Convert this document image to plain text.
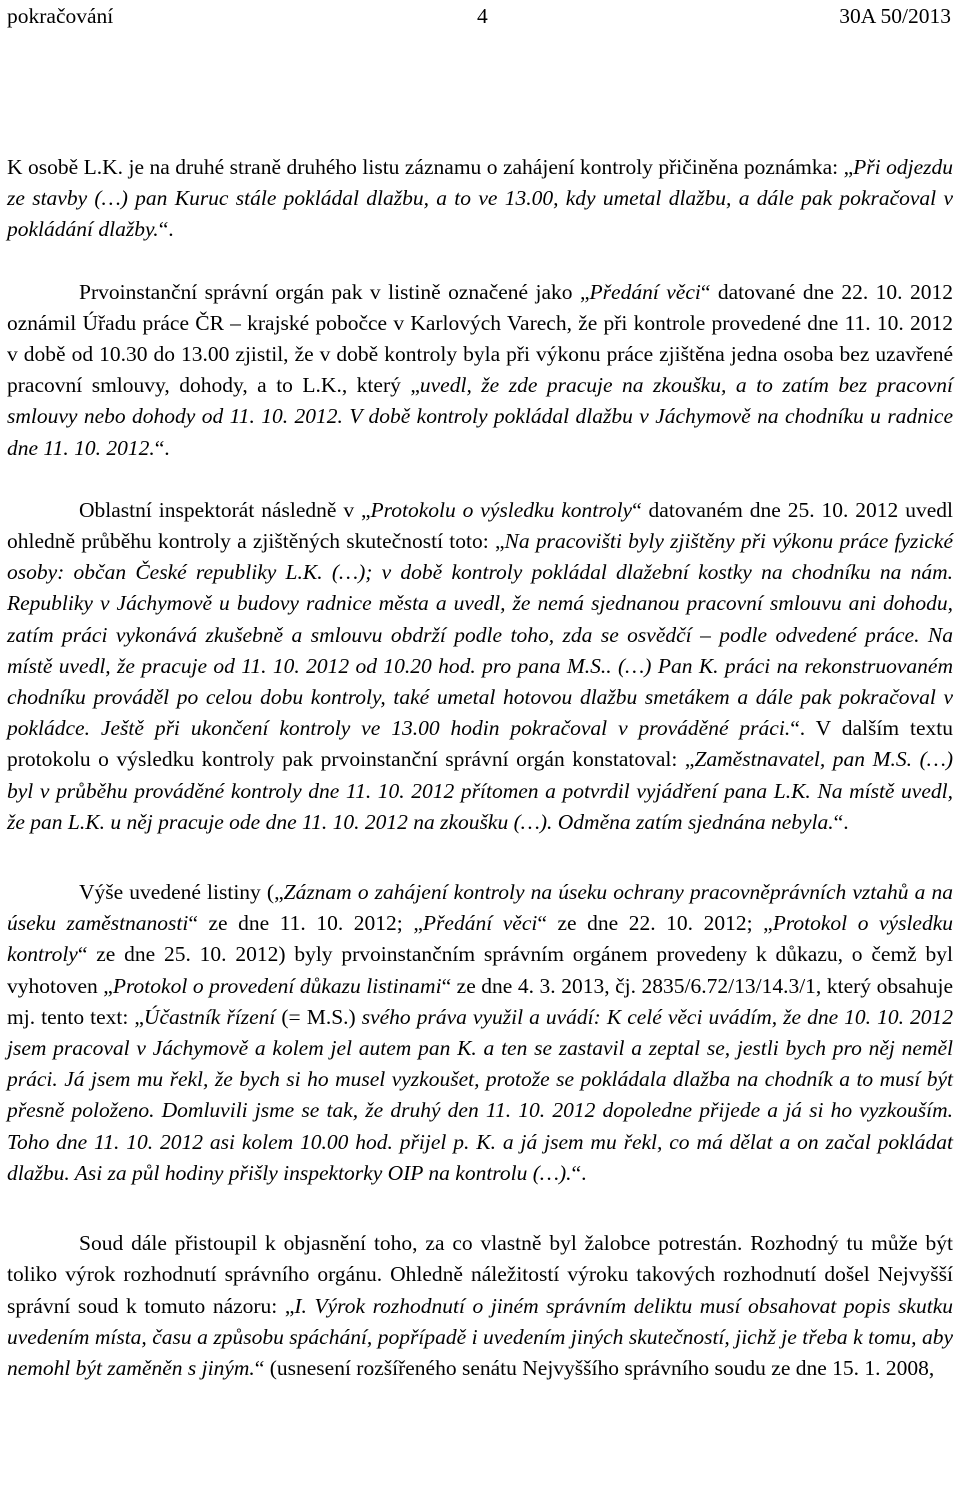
pokračování	4	30A 50/2013

K osobě L.K. je na druhé straně druhého listu záznamu o zahájení kontroly přičiněna poznámka: „Při odjezdu ze stavby (…) pan Kuruc stále pokládal dlažbu, a to ve 13.00, kdy umetal dlažbu, a dále pak pokračoval v pokládání dlažby.“.

Prvoinstanční správní orgán pak v listině označené jako „Předání věci“ datované dne 22. 10. 2012 oznámil Úřadu práce ČR – krajské pobočce v Karlových Varech, že při kontrole provedené dne 11. 10. 2012 v době od 10.30 do 13.00 zjistil, že v době kontroly byla při výkonu práce zjištěna jedna osoba bez uzavřené pracovní smlouvy, dohody, a to L.K., který „uvedl, že zde pracuje na zkoušku, a to zatím bez pracovní smlouvy nebo dohody od 11. 10. 2012. V době kontroly pokládal dlažbu v Jáchymově na chodníku u radnice dne 11. 10. 2012.“.

Oblastní inspektorát následně v „Protokolu o výsledku kontroly“ datovaném dne 25. 10. 2012 uvedl ohledně průběhu kontroly a zjištěných skutečností toto: „Na pracovišti byly zjištěny při výkonu práce fyzické osoby: občan České republiky L.K. (…); v době kontroly pokládal dlažební kostky na chodníku na nám. Republiky v Jáchymově u budovy radnice města a uvedl, že nemá sjednanou pracovní smlouvu ani dohodu, zatím práci vykonává zkušebně a smlouvu obdrží podle toho, zda se osvědčí – podle odvedené práce. Na místě uvedl, že pracuje od 11. 10. 2012 od 10.20 hod. pro pana M.S.. (…) Pan K. práci na rekonstruovaném chodníku prováděl po celou dobu kontroly, také umetal hotovou dlažbu smetákem a dále pak pokračoval v pokládce. Ještě při ukončení kontroly ve 13.00 hodin pokračoval v prováděné práci.“. V dalším textu protokolu o výsledku kontroly pak prvoinstanční správní orgán konstatoval: „Zaměstnavatel, pan M.S. (…) byl v průběhu prováděné kontroly dne 11. 10. 2012 přítomen a potvrdil vyjádření pana L.K. Na místě uvedl, že pan L.K. u něj pracuje ode dne 11. 10. 2012 na zkoušku (…). Odměna zatím sjednána nebyla.“.

Výše uvedené listiny („Záznam o zahájení kontroly na úseku ochrany pracovněprávních vztahů a na úseku zaměstnanosti“ ze dne 11. 10. 2012; „Předání věci“ ze dne 22. 10. 2012; „Protokol o výsledku kontroly“ ze dne 25. 10. 2012) byly prvoinstančním správním orgánem provedeny k důkazu, o čemž byl vyhotoven „Protokol o provedení důkazu listinami“ ze dne 4. 3. 2013, čj. 2835/6.72/13/14.3/1, který obsahuje mj. tento text: „Účastník řízení (= M.S.) svého práva využil a uvádí: K celé věci uvádím, že dne 10. 10. 2012 jsem pracoval v Jáchymově a kolem jel autem pan K. a ten se zastavil a zeptal se, jestli bych pro něj neměl práci. Já jsem mu řekl, že bych si ho musel vyzkoušet, protože se pokládala dlažba na chodník a to musí být přesně položeno. Domluvili jsme se tak, že druhý den 11. 10. 2012 dopoledne přijede a já si ho vyzkouším. Toho dne 11. 10. 2012 asi kolem 10.00 hod. přijel p. K. a já jsem mu řekl, co má dělat a on začal pokládat dlažbu. Asi za půl hodiny přišly inspektorky OIP na kontrolu (…).“.

Soud dále přistoupil k objasnění toho, za co vlastně byl žalobce potrestán. Rozhodný tu může být toliko výrok rozhodnutí správního orgánu. Ohledně náležitostí výroku takových rozhodnutí došel Nejvyšší správní soud k tomuto názoru: „I. Výrok rozhodnutí o jiném správním deliktu musí obsahovat popis skutku uvedením místa, času a způsobu spáchání, popřípadě i uvedením jiných skutečností, jichž je třeba k tomu, aby nemohl být zaměněn s jiným.“ (usnesení rozšířeného senátu Nejvyššího správního soudu ze dne 15. 1. 2008,
